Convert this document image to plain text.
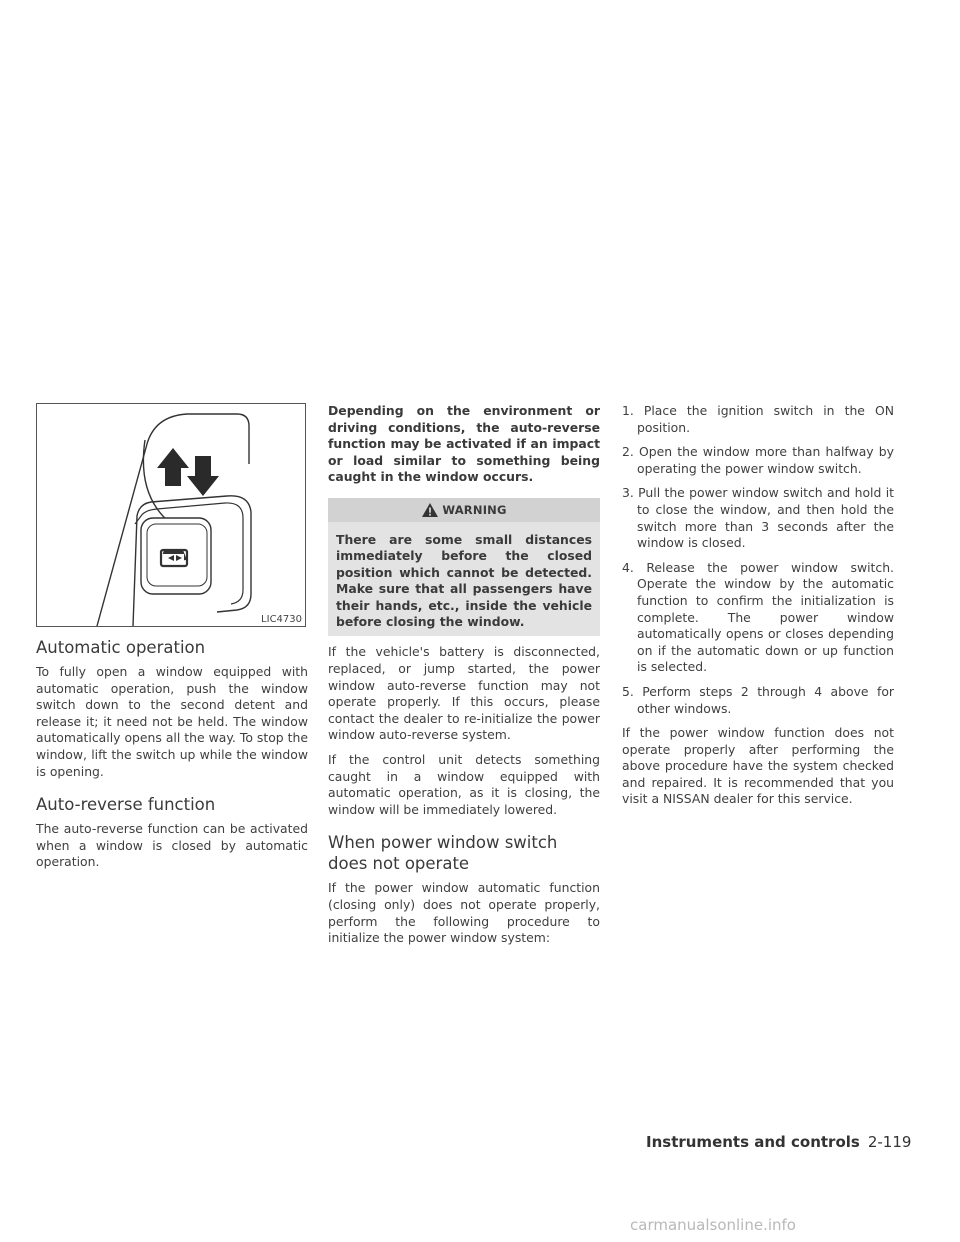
LIC4730
Automatic operation

To fully open a window equipped with automatic operation, push the window switch down to the second detent and release it; it need not be held. The window automatically opens all the way. To stop the window, lift the switch up while the window is opening.

Auto-reverse function

The auto-reverse function can be activated when a window is closed by automatic operation.

Depending on the environment or driving conditions, the auto-reverse function may be activated if an impact or load similar to something being caught in the window occurs.

WARNING

There are some small distances immediately before the closed position which cannot be detected. Make sure that all passengers have their hands, etc., inside the vehicle before closing the window.

If the vehicle's battery is disconnected, replaced, or jump started, the power window auto-reverse function may not operate properly. If this occurs, please contact the dealer to re-initialize the power window auto-reverse system.

If the control unit detects something caught in a window equipped with automatic operation, as it is closing, the window will be immediately lowered.

When power window switch does not operate

If the power window automatic function (closing only) does not operate properly, perform the following procedure to initialize the power window system:

1. Place the ignition switch in the ON position.
2. Open the window more than halfway by operating the power window switch.
3. Pull the power window switch and hold it to close the window, and then hold the switch more than 3 seconds after the window is closed.
4. Release the power window switch. Operate the window by the automatic function to confirm the initialization is complete. The power window automatically opens or closes depending on if the automatic down or up function is selected.
5. Perform steps 2 through 4 above for other windows.

If the power window function does not operate properly after performing the above procedure have the system checked and repaired. It is recommended that you visit a NISSAN dealer for this service.

Instruments and controls 2-119
carmanualsonline.info
